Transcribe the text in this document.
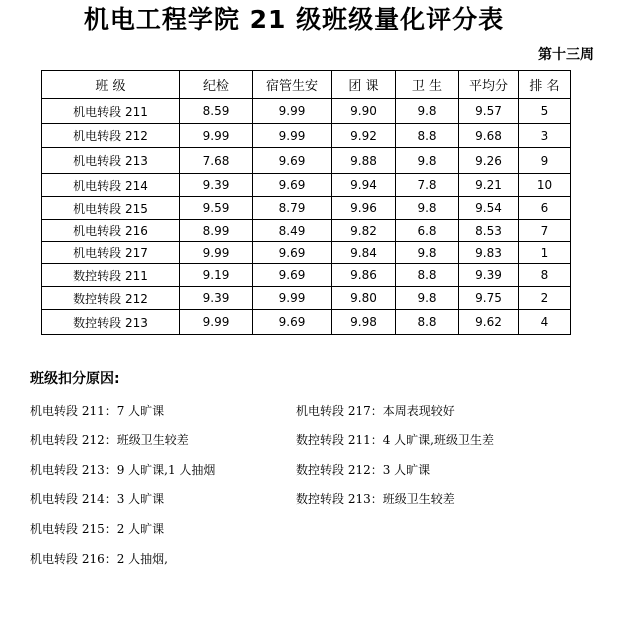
机电工程学院 21 级班级量化评分表
第十三周
班 级	纪检	宿管生安	团 课	卫 生	平均分	排 名
机电转段 211	8.59	9.99	9.90	9.8	9.57	5
机电转段 212	9.99	9.99	9.92	8.8	9.68	3
机电转段 213	7.68	9.69	9.88	9.8	9.26	9
机电转段 214	9.39	9.69	9.94	7.8	9.21	10
机电转段 215	9.59	8.79	9.96	9.8	9.54	6
机电转段 216	8.99	8.49	9.82	6.8	8.53	7
机电转段 217	9.99	9.69	9.84	9.8	9.83	1
数控转段 211	9.19	9.69	9.86	8.8	9.39	8
数控转段 212	9.39	9.99	9.80	9.8	9.75	2
数控转段 213	9.99	9.69	9.98	8.8	9.62	4
班级扣分原因:
机电转段 211：7 人旷课
机电转段 212：班级卫生较差
机电转段 213：9 人旷课,1 人抽烟
机电转段 214：3 人旷课
机电转段 215：2 人旷课
机电转段 216：2 人抽烟,
机电转段 217：本周表现较好
数控转段 211：4 人旷课,班级卫生差
数控转段 212：3 人旷课
数控转段 213：班级卫生较差
